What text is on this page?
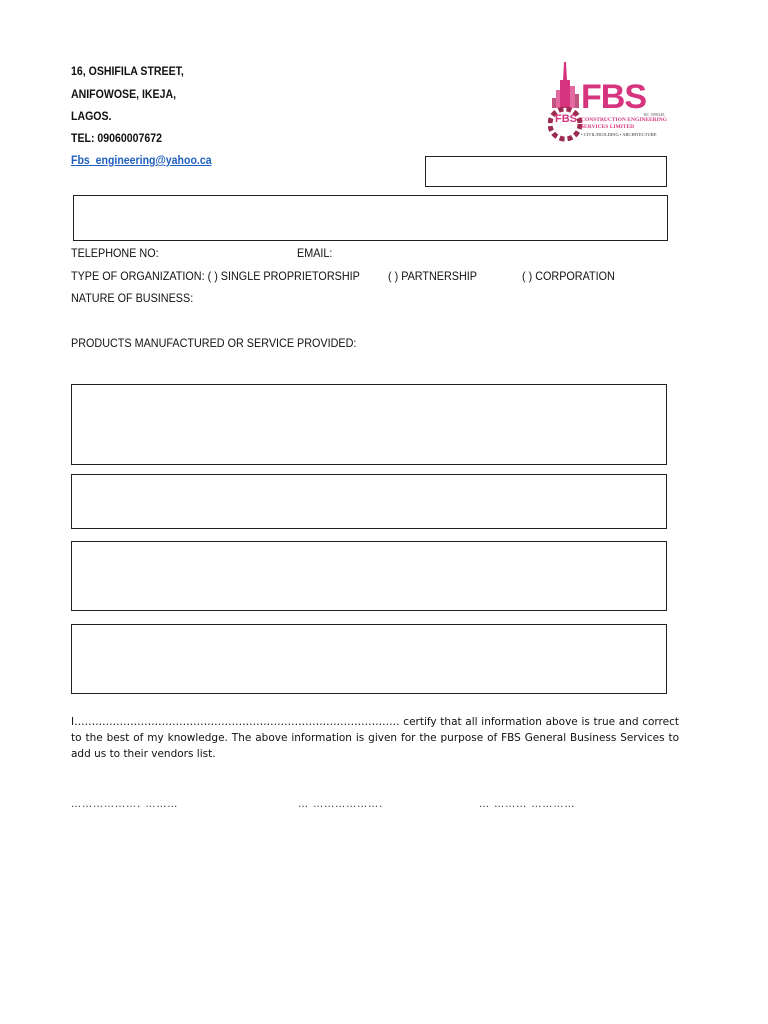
16, OSHIFILA STREET,
ANIFOWOSE, IKEJA,
LAGOS.
TEL: 09060007672
Fbs_engineering@yahoo.ca
FBS
FBS
RC 1998248
CONSTRUCTION ENGINEERING
SERVICES LIMITED
• CIVIL/BUILDING • ARCHITECTURE
TELEPHONE NO:	EMAIL:
TYPE OF ORGANIZATION: ( ) SINGLE PROPRIETORSHIP ( ) PARTNERSHIP	( ) CORPORATION
NATURE OF BUSINESS:
PRODUCTS MANUFACTURED OR SERVICE PROVIDED:
I………………………………………………………………………………… certify that all information above is true and correct to the best of my knowledge. The above information is given for the purpose of FBS General Business Services to add us to their vendors list.
………………. ………	… ……………….	… ……… …………
